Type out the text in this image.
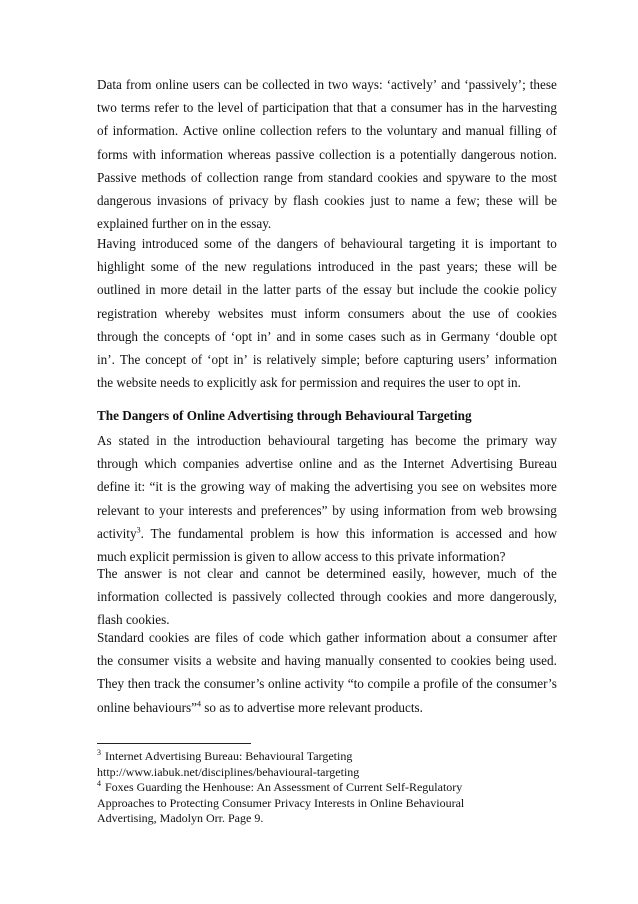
Data from online users can be collected in two ways: ‘actively’ and ‘passively’; these
two terms refer to the level of participation that that a consumer has in the harvesting
of information. Active online collection refers to the voluntary and manual filling of
forms with information whereas passive collection is a potentially dangerous notion.
Passive methods of collection range from standard cookies and spyware to the most
dangerous invasions of privacy by flash cookies just to name a few; these will be
explained
further
on
in
the
essay.
Having introduced some of the dangers of behavioural targeting it is important to
highlight some of the new regulations introduced in the past years; these will be
outlined in more detail in the latter parts of the essay but include the cookie policy
registration whereby websites must inform consumers about the use of cookies
through the concepts of ‘opt in’ and in some cases such as in Germany ‘double opt
in’. The concept of ‘opt in’ is relatively simple; before capturing users’ information
the
website
needs
to
explicitly
ask
for
permission
and
requires
the
user
to
opt
in.
The Dangers of Online Advertising through Behavioural Targeting
As stated in the introduction behavioural targeting has become the primary way
through which companies advertise online and as the Internet Advertising Bureau
define it: “it is the growing way of making the advertising you see on websites more
relevant to your interests and preferences” by using information from web browsing
activity$^3$. The fundamental problem is how this information is accessed and how
much
explicit
permission
is
given
to
allow
access
to
this
private
information?
The answer is not clear and cannot be determined easily, however, much of the
information collected is passively collected through cookies and more dangerously,
flash
cookies.
Standard cookies are files of code which gather information about a consumer after
the consumer visits a website and having manually consented to cookies being used.
They then track the consumer’s online activity “to compile a profile of the consumer’s
online
behaviours”$^4$
so
as
to
advertise
more
relevant
products.
$^3$ Internet Advertising Bureau: Behavioural Targeting
http://www.iabuk.net/disciplines/behavioural-targeting
$^4$ Foxes Guarding the Henhouse: An Assessment of Current Self-Regulatory
Approaches to Protecting Consumer Privacy Interests in Online Behavioural
Advertising, Madolyn Orr. Page 9.
